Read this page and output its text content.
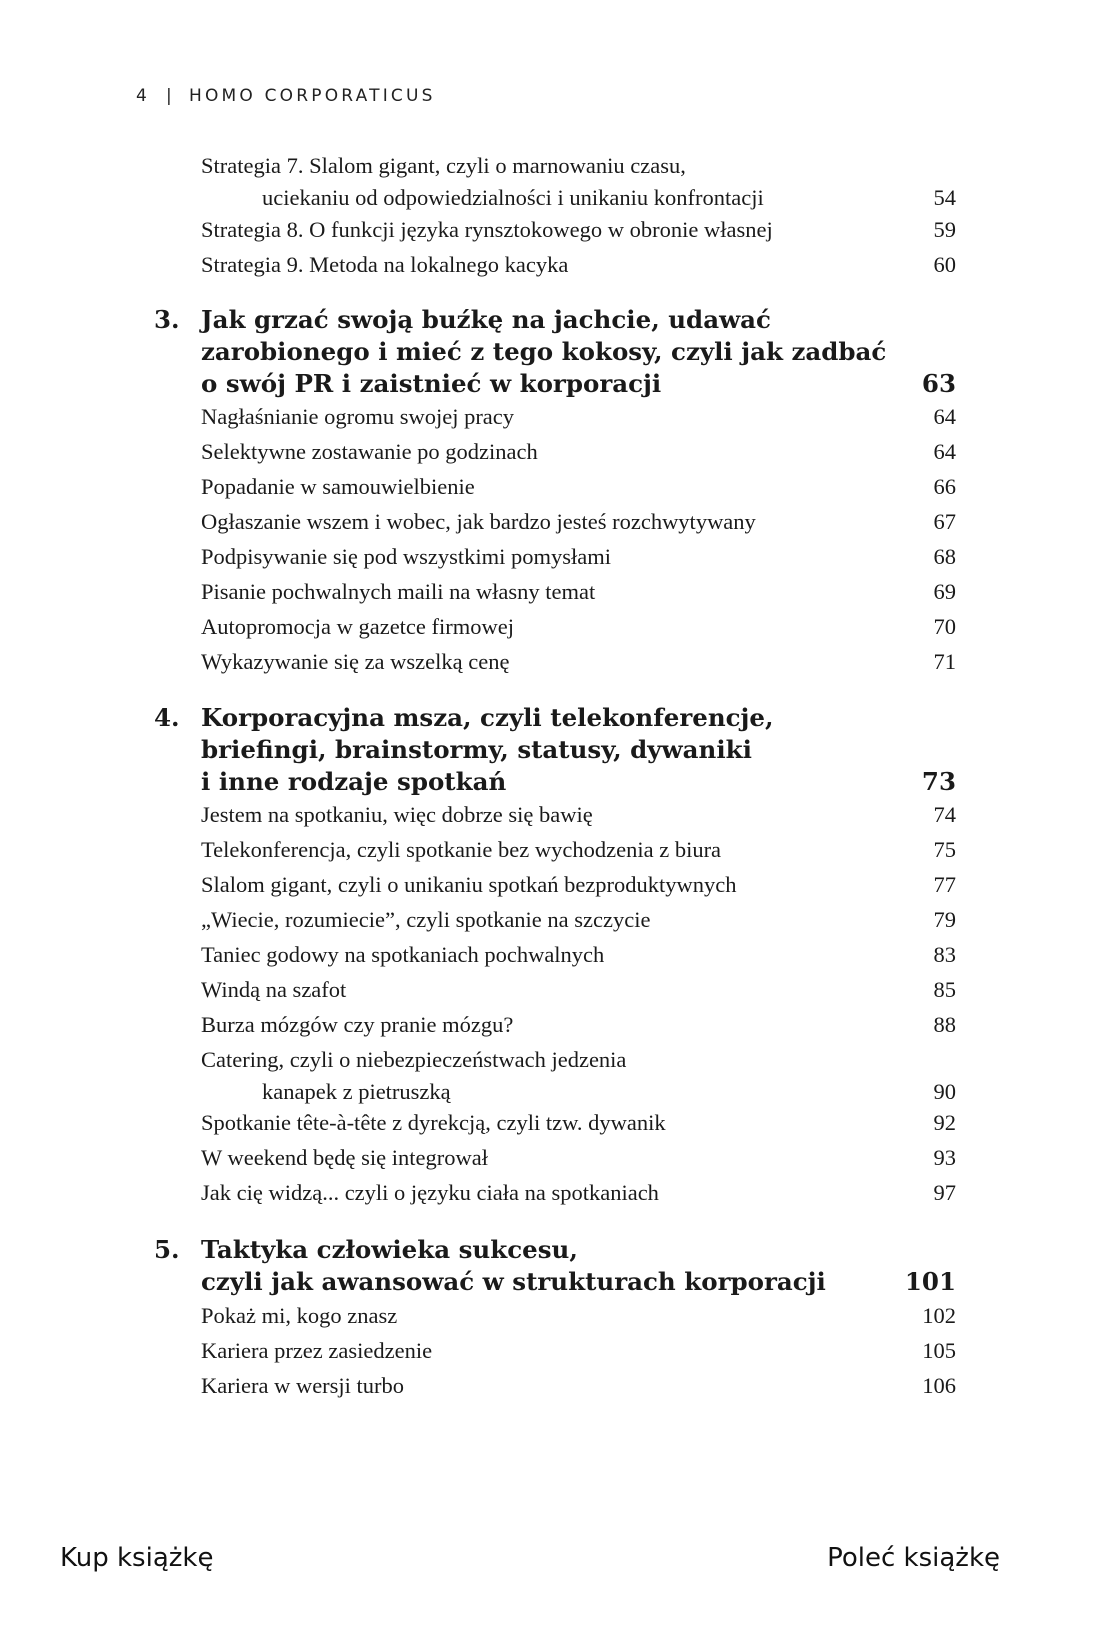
4 | HOMO CORPORATICUS
Strategia 7. Slalom gigant, czyli o marnowaniu czasu,
uciekaniu od odpowiedzialności i unikaniu konfrontacji	54
Strategia 8. O funkcji języka rynsztokowego w obronie własnej	59
Strategia 9. Metoda na lokalnego kacyka	60
3. Jak grzać swoją buźkę na jachcie, udawać
zarobionego i mieć z tego kokosy, czyli jak zadbać
o swój PR i zaistnieć w korporacji	63
Nagłaśnianie ogromu swojej pracy	64
Selektywne zostawanie po godzinach	64
Popadanie w samouwielbienie	66
Ogłaszanie wszem i wobec, jak bardzo jesteś rozchwytywany	67
Podpisywanie się pod wszystkimi pomysłami	68
Pisanie pochwalnych maili na własny temat	69
Autopromocja w gazetce firmowej	70
Wykazywanie się za wszelką cenę	71
4. Korporacyjna msza, czyli telekonferencje,
briefingi, brainstormy, statusy, dywaniki
i inne rodzaje spotkań	73
Jestem na spotkaniu, więc dobrze się bawię	74
Telekonferencja, czyli spotkanie bez wychodzenia z biura	75
Slalom gigant, czyli o unikaniu spotkań bezproduktywnych	77
„Wiecie, rozumiecie”, czyli spotkanie na szczycie	79
Taniec godowy na spotkaniach pochwalnych	83
Windą na szafot	85
Burza mózgów czy pranie mózgu?	88
Catering, czyli o niebezpieczeństwach jedzenia
kanapek z pietruszką	90
Spotkanie tête-à-tête z dyrekcją, czyli tzw. dywanik	92
W weekend będę się integrował	93
Jak cię widzą... czyli o języku ciała na spotkaniach	97
5. Taktyka człowieka sukcesu,
czyli jak awansować w strukturach korporacji	101
Pokaż mi, kogo znasz	102
Kariera przez zasiedzenie	105
Kariera w wersji turbo	106
Kup książkę	Poleć książkę
